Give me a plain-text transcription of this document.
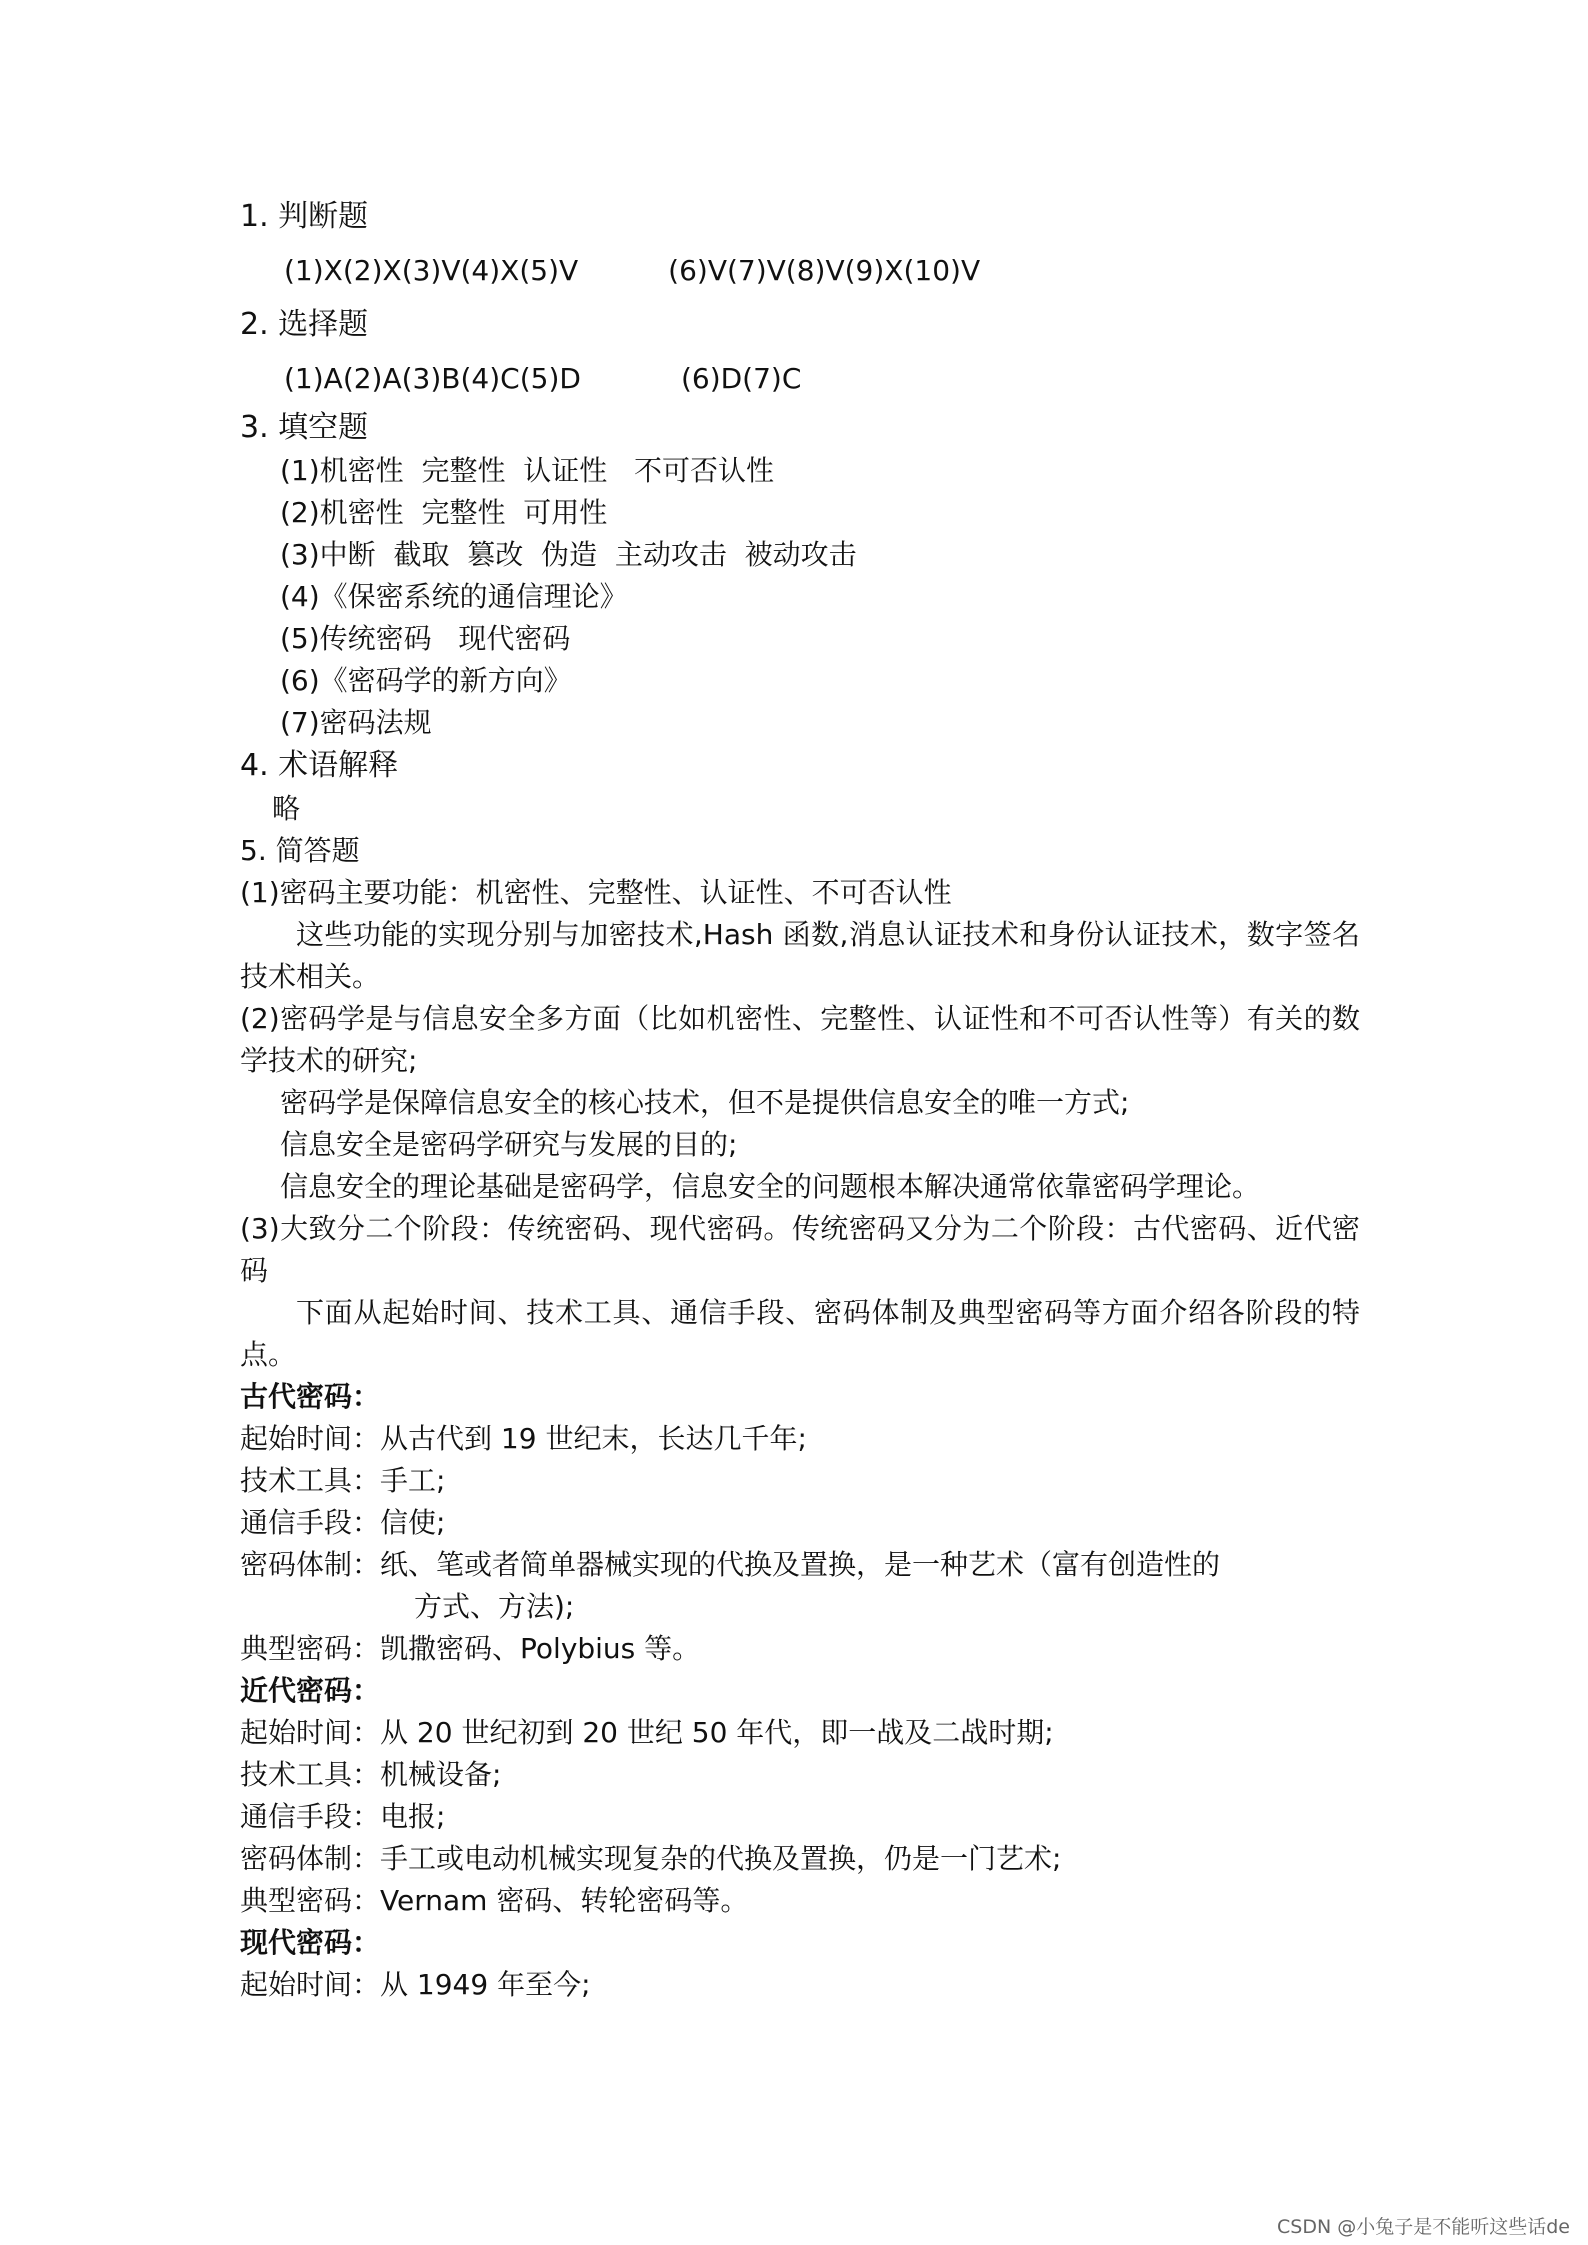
1. 判断题
(1)X(2)X(3)V(4)X(5)V	(6)V(7)V(8)V(9)X(10)V
2. 选择题
(1)A(2)A(3)B(4)C(5)D	(6)D(7)C
3. 填空题
(1)机密性  完整性  认证性   不可否认性
(2)机密性  完整性  可用性
(3)中断  截取  篡改  伪造  主动攻击  被动攻击
(4)《保密系统的通信理论》
(5)传统密码   现代密码
(6)《密码学的新方向》
(7)密码法规
4. 术语解释
略
5. 简答题

(1)密码主要功能：机密性、完整性、认证性、不可否认性

这些功能的实现分别与加密技术,Hash 函数,消息认证技术和身份认证技术，数字签名技术相关。

(2)密码学是与信息安全多方面（比如机密性、完整性、认证性和不可否认性等）有关的数学技术的研究;

密码学是保障信息安全的核心技术，但不是提供信息安全的唯一方式;

信息安全是密码学研究与发展的目的;

信息安全的理论基础是密码学，信息安全的问题根本解决通常依靠密码学理论。

(3)大致分二个阶段：传统密码、现代密码。传统密码又分为二个阶段：古代密码、近代密码

下面从起始时间、技术工具、通信手段、密码体制及典型密码等方面介绍各阶段的特点。

古代密码：
起始时间： 从古代到 19 世纪末，长达几千年;
技术工具： 手工;
通信手段： 信使;
密码体制： 纸、笔或者简单器械实现的代换及置换，是一种艺术（富有创造性的
方式、方法);
典型密码： 凯撒密码、Polybius 等。
近代密码：
起始时间： 从 20 世纪初到 20 世纪 50 年代，即一战及二战时期;
技术工具： 机械设备;
通信手段： 电报;
密码体制： 手工或电动机械实现复杂的代换及置换，仍是一门艺术;
典型密码： Vernam 密码、转轮密码等。
现代密码：
起始时间： 从 1949 年至今;
CSDN @小兔子是不能听这些话de
